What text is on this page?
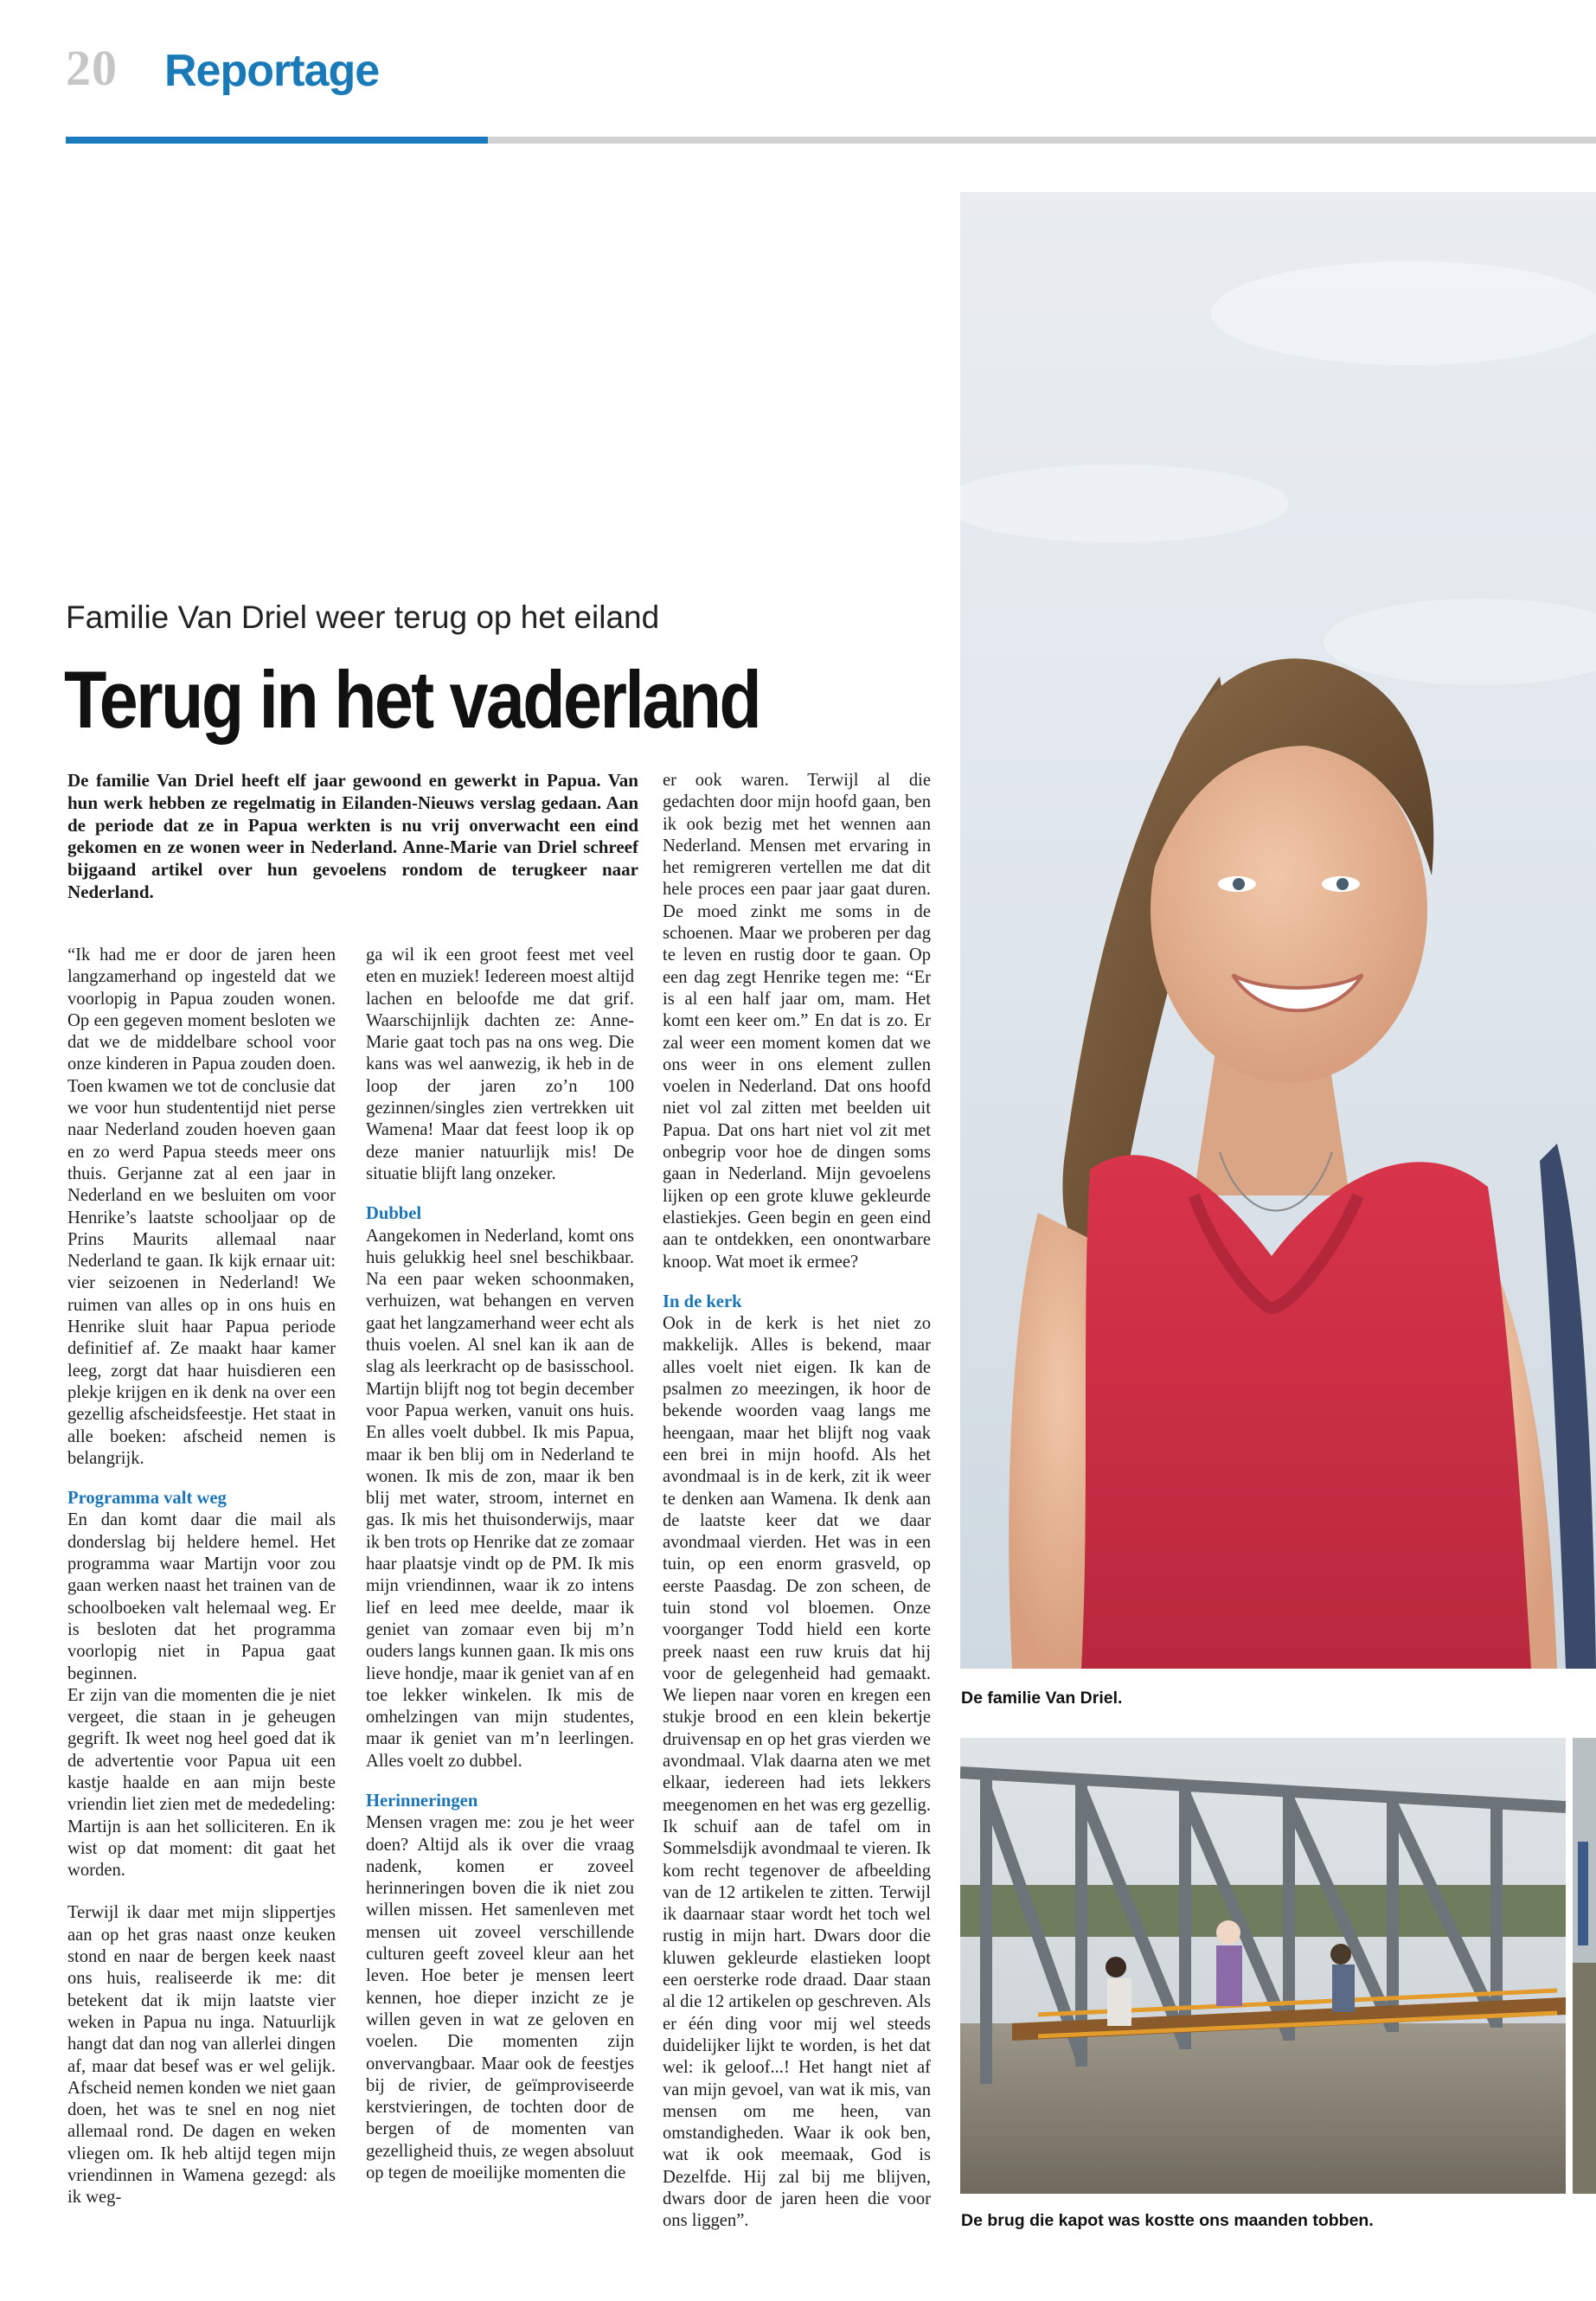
20 Reportage
De familie Van Driel.
De brug die kapot was kostte ons maanden tobben.
Familie Van Driel weer terug op het eiland
Terug in het vaderland

De familie Van Driel heeft elf jaar gewoond en gewerkt in Papua. Van hun werk hebben ze regelmatig in Eilanden-Nieuws verslag gedaan. Aan de periode dat ze in Papua werkten is nu vrij onverwacht een eind gekomen en ze wonen weer in Nederland. Anne-Marie van Driel schreef bijgaand artikel over hun gevoelens rondom de terugkeer naar Nederland.

“Ik had me er door de jaren heen langzamerhand op ingesteld dat we voorlopig in Papua zouden wonen. Op een gegeven moment besloten we dat we de middelbare school voor onze kinderen in Papua zouden doen. Toen kwamen we tot de conclusie dat we voor hun studententijd niet perse naar Nederland zouden hoeven gaan en zo werd Papua steeds meer ons thuis. Gerjanne zat al een jaar in Nederland en we besluiten om voor Henrike’s laatste schooljaar op de Prins Maurits allemaal naar Nederland te gaan. Ik kijk ernaar uit: vier seizoenen in Nederland! We ruimen van alles op in ons huis en Henrike sluit haar Papua periode definitief af. Ze maakt haar kamer leeg, zorgt dat haar huisdieren een plekje krijgen en ik denk na over een gezellig afscheidsfeestje. Het staat in alle boeken: afscheid nemen is belangrijk.

Programma valt weg

En dan komt daar die mail als donderslag bij heldere hemel. Het programma waar Martijn voor zou gaan werken naast het trainen van de schoolboeken valt helemaal weg. Er is besloten dat het programma voorlopig niet in Papua gaat beginnen.

Er zijn van die momenten die je niet vergeet, die staan in je geheugen gegrift. Ik weet nog heel goed dat ik de advertentie voor Papua uit een kastje haalde en aan mijn beste vriendin liet zien met de mededeling: Martijn is aan het solliciteren. En ik wist op dat moment: dit gaat het worden.

Terwijl ik daar met mijn slippertjes aan op het gras naast onze keuken stond en naar de bergen keek naast ons huis, realiseerde ik me: dit betekent dat ik mijn laatste vier weken in Papua nu inga. Natuurlijk hangt dat dan nog van allerlei dingen af, maar dat besef was er wel gelijk. Afscheid nemen konden we niet gaan doen, het was te snel en nog niet allemaal rond. De dagen en weken vliegen om. Ik heb altijd tegen mijn vriendinnen in Wamena gezegd: als ik weg-

ga wil ik een groot feest met veel eten en muziek! Iedereen moest altijd lachen en beloofde me dat grif. Waarschijnlijk dachten ze: Anne-Marie gaat toch pas na ons weg. Die kans was wel aanwezig, ik heb in de loop der jaren zo’n 100 gezinnen/singles zien vertrekken uit Wamena! Maar dat feest loop ik op deze manier natuurlijk mis! De situatie blijft lang onzeker.

Dubbel

Aangekomen in Nederland, komt ons huis gelukkig heel snel beschikbaar. Na een paar weken schoonmaken, verhuizen, wat behangen en verven gaat het langzamerhand weer echt als thuis voelen. Al snel kan ik aan de slag als leerkracht op de basisschool. Martijn blijft nog tot begin december voor Papua werken, vanuit ons huis. En alles voelt dubbel. Ik mis Papua, maar ik ben blij om in Nederland te wonen. Ik mis de zon, maar ik ben blij met water, stroom, internet en gas. Ik mis het thuisonderwijs, maar ik ben trots op Henrike dat ze zomaar haar plaatsje vindt op de PM. Ik mis mijn vriendinnen, waar ik zo intens lief en leed mee deelde, maar ik geniet van zomaar even bij m’n ouders langs kunnen gaan. Ik mis ons lieve hondje, maar ik geniet van af en toe lekker winkelen. Ik mis de omhelzingen van mijn studentes, maar ik geniet van m’n leerlingen. Alles voelt zo dubbel.

Herinneringen

Mensen vragen me: zou je het weer doen? Altijd als ik over die vraag nadenk, komen er zoveel herinneringen boven die ik niet zou willen missen. Het samenleven met mensen uit zoveel verschillende culturen geeft zoveel kleur aan het leven. Hoe beter je mensen leert kennen, hoe dieper inzicht ze je willen geven in wat ze geloven en voelen. Die momenten zijn onvervangbaar. Maar ook de feestjes bij de rivier, de geïmproviseerde kerstvieringen, de tochten door de bergen of de momenten van gezelligheid thuis, ze wegen absoluut op tegen de moeilijke momenten die

er ook waren. Terwijl al die gedachten door mijn hoofd gaan, ben ik ook bezig met het wennen aan Nederland. Mensen met ervaring in het remigreren vertellen me dat dit hele proces een paar jaar gaat duren. De moed zinkt me soms in de schoenen. Maar we proberen per dag te leven en rustig door te gaan. Op een dag zegt Henrike tegen me: “Er is al een half jaar om, mam. Het komt een keer om.” En dat is zo. Er zal weer een moment komen dat we ons weer in ons element zullen voelen in Nederland. Dat ons hoofd niet vol zal zitten met beelden uit Papua. Dat ons hart niet vol zit met onbegrip voor hoe de dingen soms gaan in Nederland. Mijn gevoelens lijken op een grote kluwe gekleurde elastiekjes. Geen begin en geen eind aan te ontdekken, een onontwarbare knoop. Wat moet ik ermee?

In de kerk

Ook in de kerk is het niet zo makkelijk. Alles is bekend, maar alles voelt niet eigen. Ik kan de psalmen zo meezingen, ik hoor de bekende woorden vaag langs me heengaan, maar het blijft nog vaak een brei in mijn hoofd. Als het avondmaal is in de kerk, zit ik weer te denken aan Wamena. Ik denk aan de laatste keer dat we daar avondmaal vierden. Het was in een tuin, op een enorm grasveld, op eerste Paasdag. De zon scheen, de tuin stond vol bloemen. Onze voorganger Todd hield een korte preek naast een ruw kruis dat hij voor de gelegenheid had gemaakt. We liepen naar voren en kregen een stukje brood en een klein bekertje druivensap en op het gras vierden we avondmaal. Vlak daarna aten we met elkaar, iedereen had iets lekkers meegenomen en het was erg gezellig. Ik schuif aan de tafel om in Sommelsdijk avondmaal te vieren. Ik kom recht tegenover de afbeelding van de 12 artikelen te zitten. Terwijl ik daarnaar staar wordt het toch wel rustig in mijn hart. Dwars door die kluwen gekleurde elastieken loopt een oersterke rode draad. Daar staan al die 12 artikelen op geschreven. Als er één ding voor mij wel steeds duidelijker lijkt te worden, is het dat wel: ik geloof...! Het hangt niet af van mijn gevoel, van wat ik mis, van mensen om me heen, van omstandigheden. Waar ik ook ben, wat ik ook meemaak, God is Dezelfde. Hij zal bij me blijven, dwars door de jaren heen die voor ons liggen”.
